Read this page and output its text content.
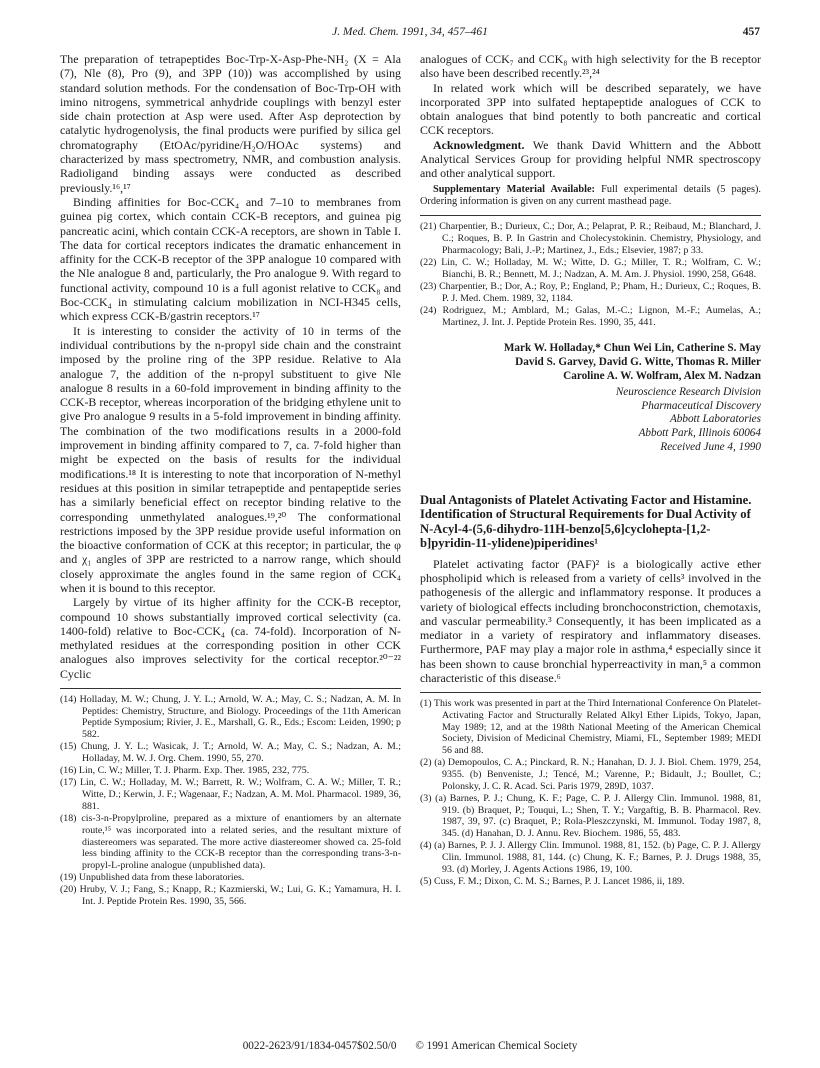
J. Med. Chem. 1991, 34, 457–461	457

The preparation of tetrapeptides Boc-Trp-X-Asp-Phe-NH₂ (X = Ala (7), Nle (8), Pro (9), and 3PP (10)) was accomplished by using standard solution methods. For the condensation of Boc-Trp-OH with imino nitrogens, symmetrical anhydride couplings with benzyl ester side chain protection at Asp were used. After Asp deprotection by catalytic hydrogenolysis, the final products were purified by silica gel chromatography (EtOAc/pyridine/H₂O/HOAc systems) and characterized by mass spectrometry, NMR, and combustion analysis. Radioligand binding assays were conducted as described previously.¹⁶,¹⁷

Binding affinities for Boc-CCK₄ and 7–10 to membranes from guinea pig cortex, which contain CCK-B receptors, and guinea pig pancreatic acini, which contain CCK-A receptors, are shown in Table I. The data for cortical receptors indicates the dramatic enhancement in affinity for the CCK-B receptor of the 3PP analogue 10 compared with the Nle analogue 8 and, particularly, the Pro analogue 9. With regard to functional activity, compound 10 is a full agonist relative to CCK₈ and Boc-CCK₄ in stimulating calcium mobilization in NCI-H345 cells, which express CCK-B/gastrin receptors.¹⁷

It is interesting to consider the activity of 10 in terms of the individual contributions by the n-propyl side chain and the constraint imposed by the proline ring of the 3PP residue. Relative to Ala analogue 7, the addition of the n-propyl substituent to give Nle analogue 8 results in a 60-fold improvement in binding affinity to the CCK-B receptor, whereas incorporation of the bridging ethylene unit to give Pro analogue 9 results in a 5-fold improvement in binding affinity. The combination of the two modifications results in a 2000-fold improvement in binding affinity compared to 7, ca. 7-fold higher than might be expected on the basis of results for the individual modifications.¹⁸ It is interesting to note that incorporation of N-methyl residues at this position in similar tetrapeptide and pentapeptide series has a similarly beneficial effect on receptor binding relative to the corresponding unmethylated analogues.¹⁹,²⁰ The conformational restrictions imposed by the 3PP residue provide useful information on the bioactive conformation of CCK at this receptor; in particular, the φ and χ₁ angles of 3PP are restricted to a narrow range, which should closely approximate the angles found in the same region of CCK₄ when it is bound to this receptor.

Largely by virtue of its higher affinity for the CCK-B receptor, compound 10 shows substantially improved cortical selectivity (ca. 1400-fold) relative to Boc-CCK₄ (ca. 74-fold). Incorporation of N-methylated residues at the corresponding position in other CCK analogues also improves selectivity for the cortical receptor.²⁰⁻²² Cyclic

(14) Holladay, M. W.; Chung, J. Y. L.; Arnold, W. A.; May, C. S.; Nadzan, A. M. In Peptides: Chemistry, Structure, and Biology. Proceedings of the 11th American Peptide Symposium; Rivier, J. E., Marshall, G. R., Eds.; Escom: Leiden, 1990; p 582.
(15) Chung, J. Y. L.; Wasicak, J. T.; Arnold, W. A.; May, C. S.; Nadzan, A. M.; Holladay, M. W. J. Org. Chem. 1990, 55, 270.
(16) Lin, C. W.; Miller, T. J. Pharm. Exp. Ther. 1985, 232, 775.
(17) Lin, C. W.; Holladay, M. W.; Barrett, R. W.; Wolfram, C. A. W.; Miller, T. R.; Witte, D.; Kerwin, J. F.; Wagenaar, F.; Nadzan, A. M. Mol. Pharmacol. 1989, 36, 881.
(18) cis-3-n-Propylproline, prepared as a mixture of enantiomers by an alternate route,¹⁵ was incorporated into a related series, and the resultant mixture of diastereomers was separated. The more active diastereomer showed ca. 25-fold less binding affinity to the CCK-B receptor than the corresponding trans-3-n-propyl-L-proline analogue (unpublished data).
(19) Unpublished data from these laboratories.
(20) Hruby, V. J.; Fang, S.; Knapp, R.; Kazmierski, W.; Lui, G. K.; Yamamura, H. I. Int. J. Peptide Protein Res. 1990, 35, 566.

analogues of CCK₇ and CCK₈ with high selectivity for the B receptor also have been described recently.²³,²⁴

In related work which will be described separately, we have incorporated 3PP into sulfated heptapeptide analogues of CCK to obtain analogues that bind potently to both pancreatic and cortical CCK receptors.

Acknowledgment. We thank David Whittern and the Abbott Analytical Services Group for providing helpful NMR spectroscopy and other analytical support.

Supplementary Material Available: Full experimental details (5 pages). Ordering information is given on any current masthead page.

(21) Charpentier, B.; Durieux, C.; Dor, A.; Pelaprat, P. R.; Reibaud, M.; Blanchard, J. C.; Roques, B. P. In Gastrin and Cholecystokinin. Chemistry, Physiology, and Pharmacology; Bali, J.-P.; Martinez, J., Eds.; Elsevier, 1987; p 33.
(22) Lin, C. W.; Holladay, M. W.; Witte, D. G.; Miller, T. R.; Wolfram, C. W.; Bianchi, B. R.; Bennett, M. J.; Nadzan, A. M. Am. J. Physiol. 1990, 258, G648.
(23) Charpentier, B.; Dor, A.; Roy, P.; England, P.; Pham, H.; Durieux, C.; Roques, B. P. J. Med. Chem. 1989, 32, 1184.
(24) Rodriguez, M.; Amblard, M.; Galas, M.-C.; Lignon, M.-F.; Aumelas, A.; Martinez, J. Int. J. Peptide Protein Res. 1990, 35, 441.
Mark W. Holladay,* Chun Wei Lin, Catherine S. May
David S. Garvey, David G. Witte, Thomas R. Miller
Caroline A. W. Wolfram, Alex M. Nadzan
Neuroscience Research Division
Pharmaceutical Discovery
Abbott Laboratories
Abbott Park, Illinois 60064
Received June 4, 1990
Dual Antagonists of Platelet Activating Factor and Histamine. Identification of Structural Requirements for Dual Activity of N-Acyl-4-(5,6-dihydro-11H-benzo[5,6]cyclohepta-[1,2-b]pyridin-11-ylidene)piperidines¹

Platelet activating factor (PAF)² is a biologically active ether phospholipid which is released from a variety of cells³ involved in the pathogenesis of the allergic and inflammatory response. It produces a variety of biological effects including bronchoconstriction, chemotaxis, and vascular permeability.³ Consequently, it has been implicated as a mediator in a variety of respiratory and inflammatory diseases. Furthermore, PAF may play a major role in asthma,⁴ especially since it has been shown to cause bronchial hyperreactivity in man,⁵ a common characteristic of this disease.⁶

(1) This work was presented in part at the Third International Conference On Platelet-Activating Factor and Structurally Related Alkyl Ether Lipids, Tokyo, Japan, May 1989; 12, and at the 198th National Meeting of the American Chemical Society, Division of Medicinal Chemistry, Miami, FL, September 1989; MEDI 56 and 88.
(2) (a) Demopoulos, C. A.; Pinckard, R. N.; Hanahan, D. J. J. Biol. Chem. 1979, 254, 9355. (b) Benveniste, J.; Tencé, M.; Varenne, P.; Bidault, J.; Boullet, C.; Polonsky, J. C. R. Acad. Sci. Paris 1979, 289D, 1037.
(3) (a) Barnes, P. J.; Chung, K. F.; Page, C. P. J. Allergy Clin. Immunol. 1988, 81, 919. (b) Braquet, P.; Touqui, L.; Shen, T. Y.; Vargaftig, B. B. Pharmacol. Rev. 1987, 39, 97. (c) Braquet, P.; Rola-Pleszczynski, M. Immunol. Today 1987, 8, 345. (d) Hanahan, D. J. Annu. Rev. Biochem. 1986, 55, 483.
(4) (a) Barnes, P. J. J. Allergy Clin. Immunol. 1988, 81, 152. (b) Page, C. P. J. Allergy Clin. Immunol. 1988, 81, 144. (c) Chung, K. F.; Barnes, P. J. Drugs 1988, 35, 93. (d) Morley, J. Agents Actions 1986, 19, 100.
(5) Cuss, F. M.; Dixon, C. M. S.; Barnes, P. J. Lancet 1986, ii, 189.
0022-2623/91/1834-0457$02.50/0 © 1991 American Chemical Society
